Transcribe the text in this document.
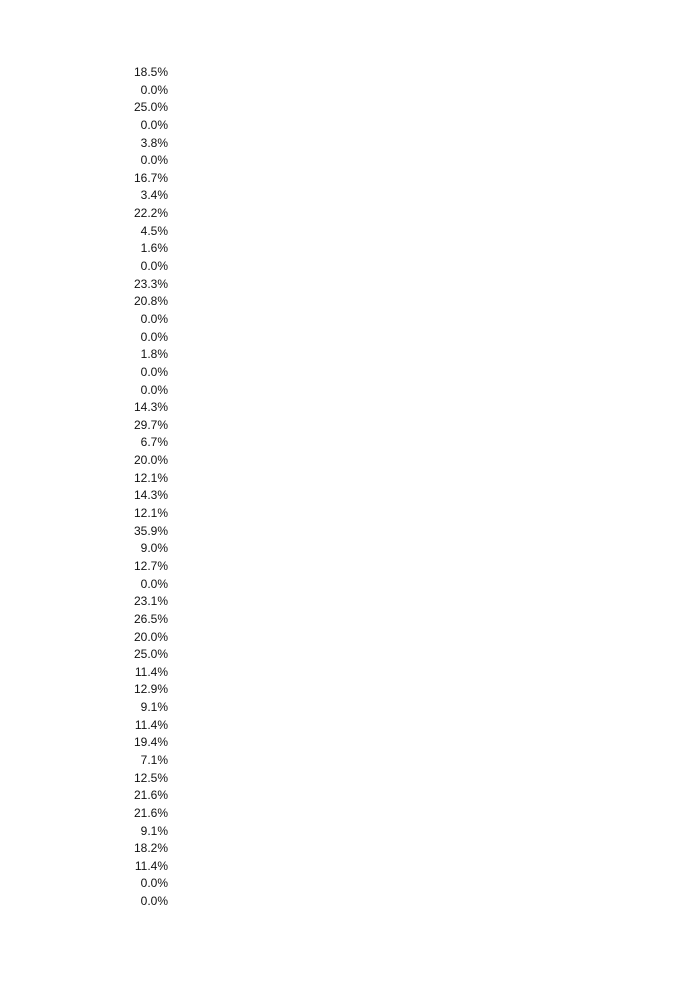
18.5%
0.0%
25.0%
0.0%
3.8%
0.0%
16.7%
3.4%
22.2%
4.5%
1.6%
0.0%
23.3%
20.8%
0.0%
0.0%
1.8%
0.0%
0.0%
14.3%
29.7%
6.7%
20.0%
12.1%
14.3%
12.1%
35.9%
9.0%
12.7%
0.0%
23.1%
26.5%
20.0%
25.0%
11.4%
12.9%
9.1%
11.4%
19.4%
7.1%
12.5%
21.6%
21.6%
9.1%
18.2%
11.4%
0.0%
0.0%
